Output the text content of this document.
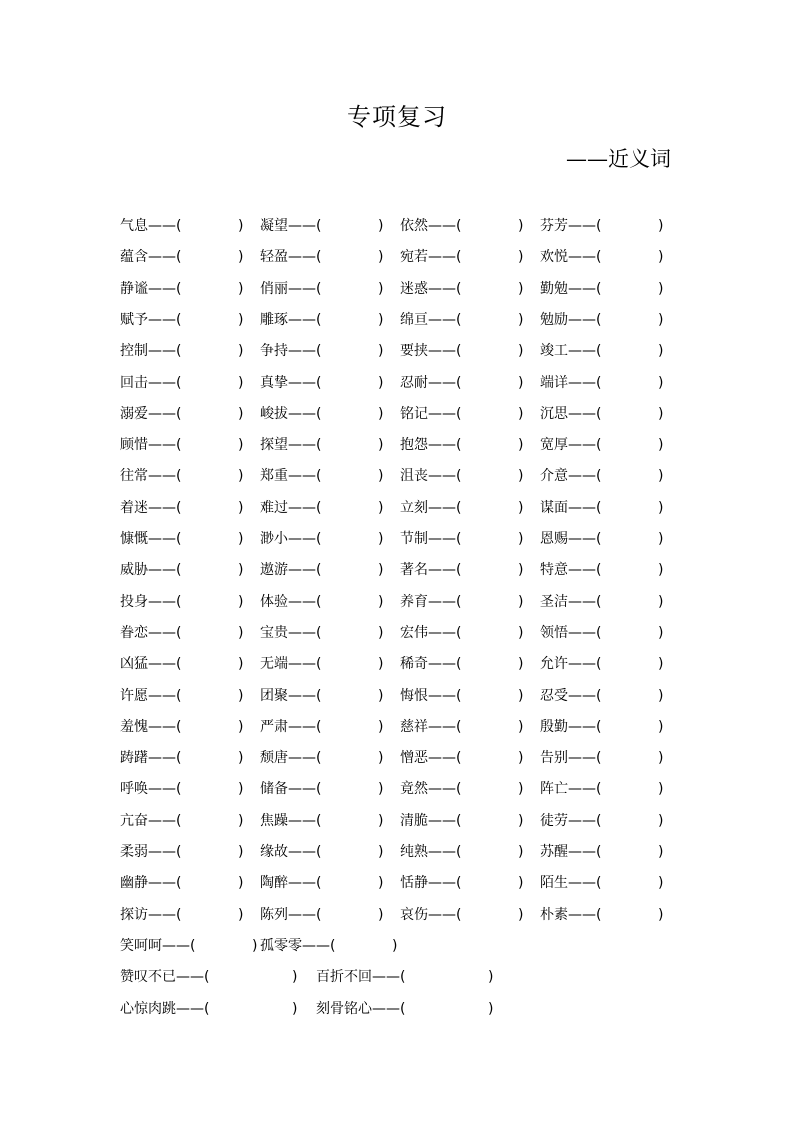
专项复习
——近义词
气息——(	) 凝望——(	) 依然——(	) 芬芳——(	)
蕴含——(	) 轻盈——(	) 宛若——(	) 欢悦——(	)
静谧——(	) 俏丽——(	) 迷惑——(	) 勤勉——(	)
赋予——(	) 雕琢——(	) 绵亘——(	) 勉励——(	)
控制——(	) 争持——(	) 要挟——(	) 竣工——(	)
回击——(	) 真挚——(	) 忍耐——(	) 端详——(	)
溺爱——(	) 峻拔——(	) 铭记——(	) 沉思——(	)
顾惜——(	) 探望——(	) 抱怨——(	) 宽厚——(	)
往常——(	) 郑重——(	) 沮丧——(	) 介意——(	)
着迷——(	) 难过——(	) 立刻——(	) 谋面——(	)
慷慨——(	) 渺小——(	) 节制——(	) 恩赐——(	)
威胁——(	) 遨游——(	) 著名——(	) 特意——(	)
投身——(	) 体验——(	) 养育——(	) 圣洁——(	)
眷恋——(	) 宝贵——(	) 宏伟——(	) 领悟——(	)
凶猛——(	) 无端——(	) 稀奇——(	) 允许——(	)
许愿——(	) 团聚——(	) 悔恨——(	) 忍受——(	)
羞愧——(	) 严肃——(	) 慈祥——(	) 殷勤——(	)
踌躇——(	) 颓唐——(	) 憎恶——(	) 告别——(	)
呼唤——(	) 储备——(	) 竟然——(	) 阵亡——(	)
亢奋——(	) 焦躁——(	) 清脆——(	) 徒劳——(	)
柔弱——(	) 缘故——(	) 纯熟——(	) 苏醒——(	)
幽静——(	) 陶醉——(	) 恬静——(	) 陌生——(	)
探访——(	) 陈列——(	) 哀伤——(	) 朴素——(	)
笑呵呵——(	) 孤零零——(	)
赞叹不已——(	) 百折不回——(	)
心惊肉跳——(	) 刻骨铭心——(	)
